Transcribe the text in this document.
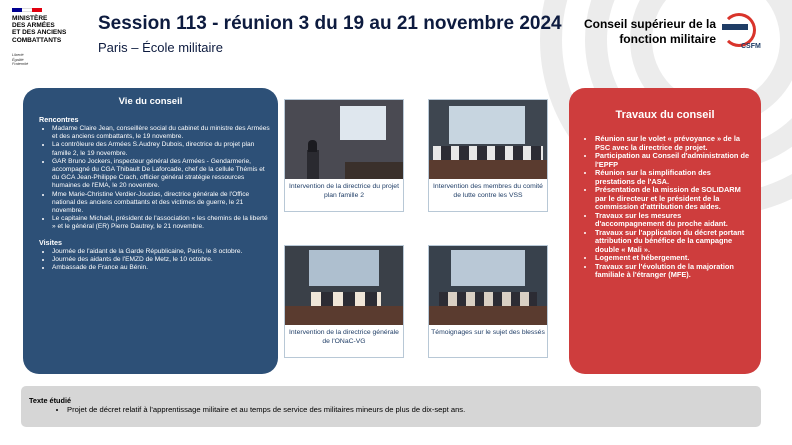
MINISTÈRE
DES ARMÉES
ET DES ANCIENS
COMBATTANTS
Liberté
Égalité
Fraternité
Session 113 - réunion 3 du 19 au 21 novembre 2024
Paris – École militaire
Conseil supérieur de la fonction militaire
CSFM
Vie du conseil
Rencontres
• Madame Claire Jean, conseillère social du cabinet du ministre des Armées et des anciens combattants, le 19 novembre.
• La contrôleure des Armées S.Audrey Dubois, directrice du projet plan famille 2, le 19 novembre.
• GAR Bruno Jockers, inspecteur général des Armées - Gendarmerie, accompagné du CGA Thibault De Laforcade, chef de la cellule Thémis et du GCA Jean-Philippe Crach, officier général stratégie ressources humaines de l'EMA, le 20 novembre.
• Mme Marie-Christine Verdier-Jouclas, directrice générale de l'Office national des anciens combattants et des victimes de guerre, le 21 novembre.
• Le capitaine Michaël, président de l'association « les chemins de la liberté » et le général (ER) Pierre Dautrey, le 21 novembre.
Visites
• Journée de l'aidant de la Garde Républicaine, Paris, le 8 octobre.
• Journée des aidants de l'EMZD de Metz, le 10 octobre.
• Ambassade de France au Bénin.
Intervention de la directrice du projet plan famille 2
Intervention des membres du comité de lutte contre les VSS
Intervention de la directrice générale de l'ONaC-VG
Témoignages sur le sujet des blessés
Travaux du conseil
• Réunion sur le volet « prévoyance » de la PSC avec la directrice de projet.
• Participation au Conseil d'administration de l'EPFP
• Réunion sur la simplification des prestations de l'ASA.
• Présentation de la mission de SOLIDARM par le directeur et le président de la commission d'attribution des aides.
• Travaux sur les mesures d'accompagnement du proche aidant.
• Travaux sur l'application du décret portant attribution du bénéfice de la campagne double « Mali ».
• Logement et hébergement.
• Travaux sur l'évolution de la majoration familiale à l'étranger (MFE).
Texte étudié
• Projet de décret relatif à l'apprentissage militaire et au temps de service des militaires mineurs de plus de dix-sept ans.
